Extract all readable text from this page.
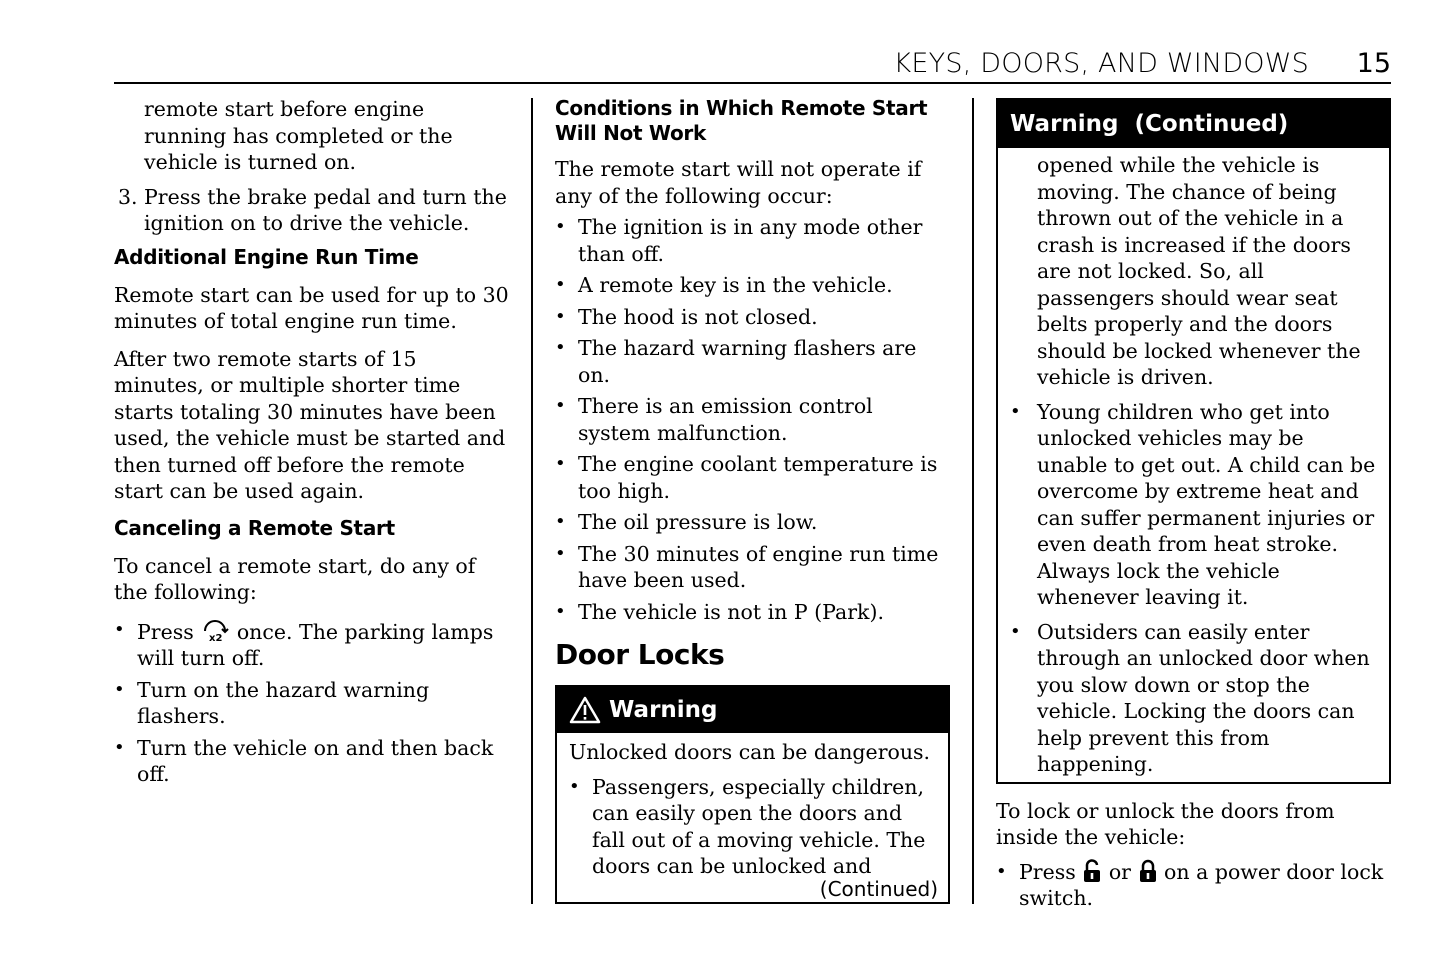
KEYS, DOORS, AND WINDOWS 15

remote start before engine running has completed or the vehicle is turned on.

3. Press the brake pedal and turn the ignition on to drive the vehicle.
Additional Engine Run Time

Remote start can be used for up to 30 minutes of total engine run time.

After two remote starts of 15 minutes, or multiple shorter time starts totaling 30 minutes have been used, the vehicle must be started and then turned off before the remote start can be used again.

Canceling a Remote Start

To cancel a remote start, do any of the following:

• Press x2 once. The parking lamps will turn off.
• Turn on the hazard warning flashers.
• Turn the vehicle on and then back off.
Conditions in Which Remote Start Will Not Work

The remote start will not operate if any of the following occur:

• The ignition is in any mode other than off.
• A remote key is in the vehicle.
• The hood is not closed.
• The hazard warning flashers are on.
• There is an emission control system malfunction.
• The engine coolant temperature is too high.
• The oil pressure is low.
• The 30 minutes of engine run time have been used.
• The vehicle is not in P (Park).
Door Locks
Warning

Unlocked doors can be dangerous.

• Passengers, especially children, can easily open the doors and fall out of a moving vehicle. The doors can be unlocked and
(Continued)
Warning  (Continued)

opened while the vehicle is moving. The chance of being thrown out of the vehicle in a crash is increased if the doors are not locked. So, all passengers should wear seat belts properly and the doors should be locked whenever the vehicle is driven.

• Young children who get into unlocked vehicles may be unable to get out. A child can be overcome by extreme heat and can suffer permanent injuries or even death from heat stroke. Always lock the vehicle whenever leaving it.
• Outsiders can easily enter through an unlocked door when you slow down or stop the vehicle. Locking the doors can help prevent this from happening.

To lock or unlock the doors from inside the vehicle:

• Press or on a power door lock switch.
